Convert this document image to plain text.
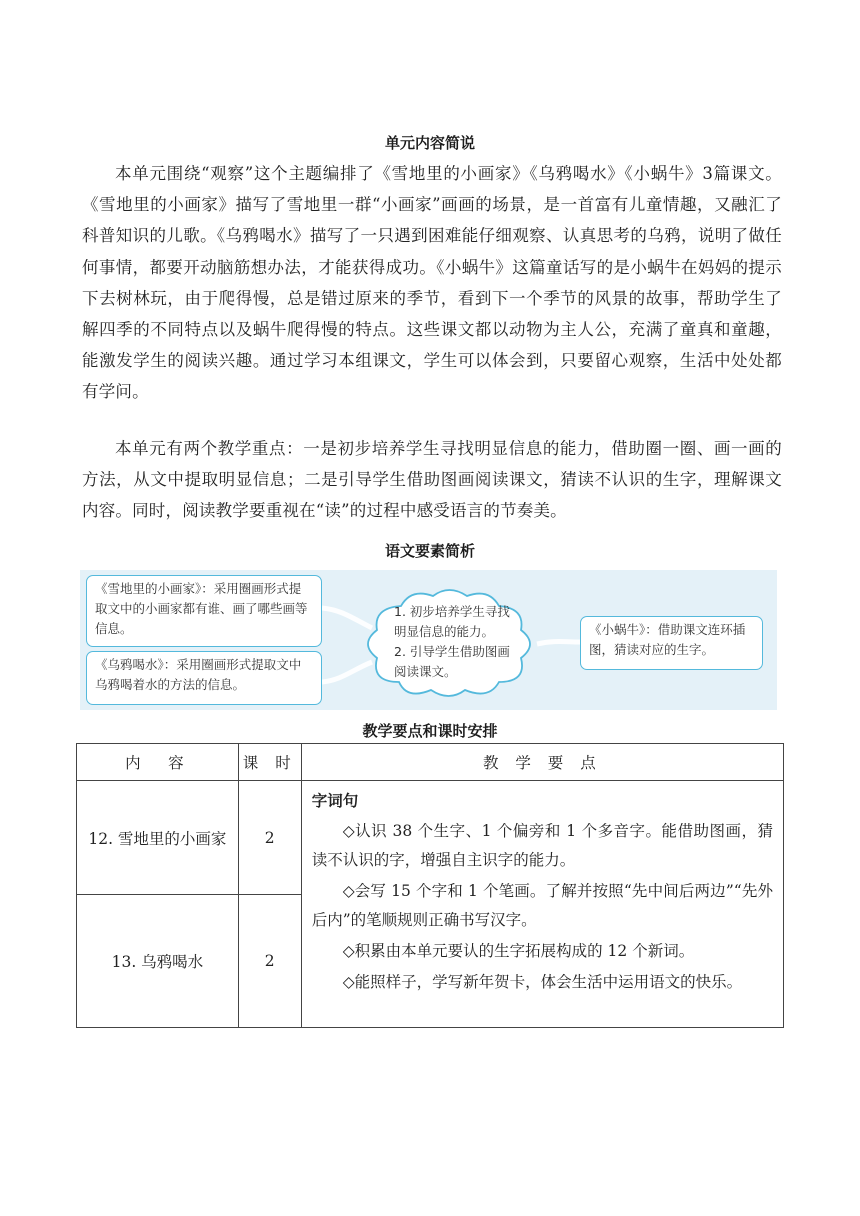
单元内容简说
本单元围绕“观察”这个主题编排了《雪地里的小画家》《乌鸦喝水》《小蜗牛》3篇课文。《雪地里的小画家》描写了雪地里一群“小画家”画画的场景，是一首富有儿童情趣，又融汇了科普知识的儿歌。《乌鸦喝水》描写了一只遇到困难能仔细观察、认真思考的乌鸦，说明了做任何事情，都要开动脑筋想办法，才能获得成功。《小蜗牛》这篇童话写的是小蜗牛在妈妈的提示下去树林玩，由于爬得慢，总是错过原来的季节，看到下一个季节的风景的故事，帮助学生了解四季的不同特点以及蜗牛爬得慢的特点。这些课文都以动物为主人公，充满了童真和童趣，能激发学生的阅读兴趣。通过学习本组课文，学生可以体会到，只要留心观察，生活中处处都有学问。
本单元有两个教学重点：一是初步培养学生寻找明显信息的能力，借助圈一圈、画一画的方法，从文中提取明显信息；二是引导学生借助图画阅读课文，猜读不认识的生字，理解课文内容。同时，阅读教学要重视在“读”的过程中感受语言的节奏美。
语文要素简析
《雪地里的小画家》：采用圈画形式提取文中的小画家都有谁、画了哪些画等信息。
《乌鸦喝水》：采用圈画形式提取文中乌鸦喝着水的方法的信息。
1. 初步培养学生寻找明显信息的能力。
2. 引导学生借助图画阅读课文。
《小蜗牛》：借助课文连环插图，猜读对应的生字。
教学要点和课时安排
内　容	课 时	教 学 要 点
12. 雪地里的小画家	2	字词句

◇认识 38 个生字、1 个偏旁和 1 个多音字。能借助图画，猜读不认识的字，增强自主识字的能力。

◇会写 15 个字和 1 个笔画。了解并按照“先中间后两边”“先外后内”的笔顺规则正确书写汉字。

◇积累由本单元要认的生字拓展构成的 12 个新词。

◇能照样子，学写新年贺卡，体会生活中运用语文的快乐。

13. 乌鸦喝水	2	
